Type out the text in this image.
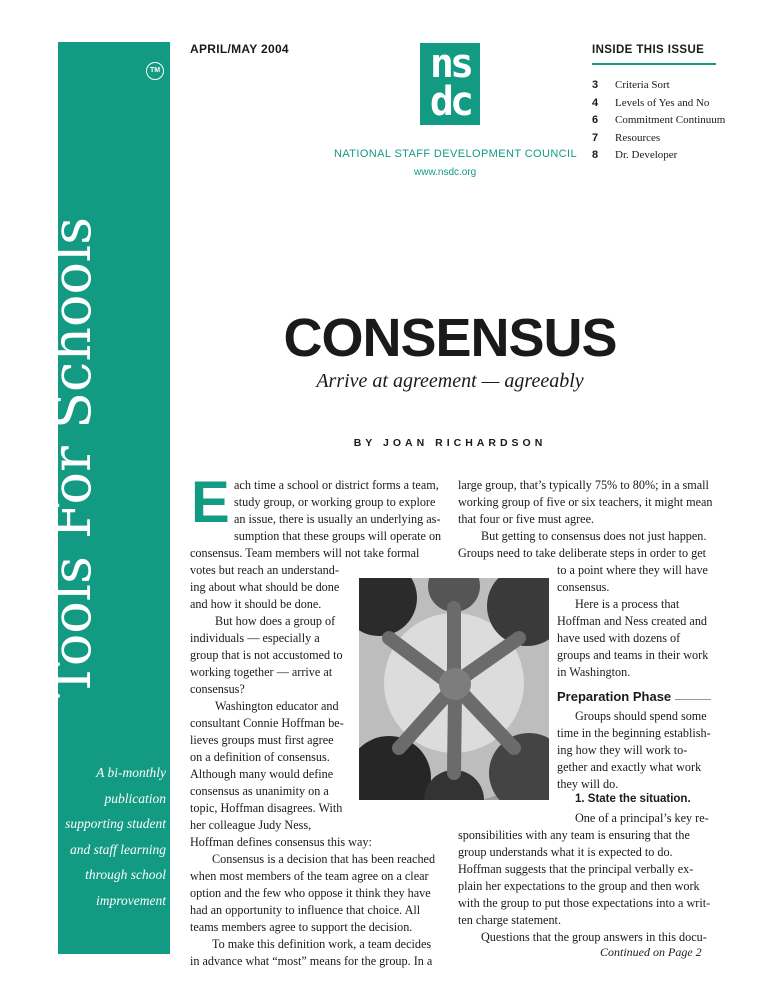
Tools For Schools
TM
A bi-monthly
publication
supporting student
and staff learning
through school
improvement
APRIL/MAY 2004	ns
dc
NATIONAL STAFF DEVELOPMENT COUNCIL
www.nsdc.org
INSIDE THIS ISSUE
3 Criteria Sort
4 Levels of Yes and No
6 Commitment Continuum
7 Resources
8 Dr. Developer
CONSENSUS
Arrive at agreement — agreeably
BY JOAN RICHARDSON
E ach time a school or district forms a team,
study group, or working group to explore
an issue, there is usually an underlying as-
sumption that these groups will operate on
consensus. Team members will not take formal
votes but reach an understand-
ing about what should be done
and how it should be done.
But how does a group of
individuals — especially a
group that is not accustomed to
working together — arrive at
consensus?
Washington educator and
consultant Connie Hoffman be-
lieves groups must first agree
on a definition of consensus.
Although many would define
consensus as unanimity on a
topic, Hoffman disagrees. With
her colleague Judy Ness,
Hoffman defines consensus this way:
Consensus is a decision that has been reached
when most members of the team agree on a clear
option and the few who oppose it think they have
had an opportunity to influence that choice. All
teams members agree to support the decision.
To make this definition work, a team decides
in advance what “most” means for the group. In a
large group, that’s typically 75% to 80%; in a small
working group of five or six teachers, it might mean
that four or five must agree.
But getting to consensus does not just happen.
Groups need to take deliberate steps in order to get
to a point where they will have
consensus.
Here is a process that
Hoffman and Ness created and
have used with dozens of
groups and teams in their work
in Washington.
Preparation Phase
Groups should spend some
time in the beginning establish-
ing how they will work to-
gether and exactly what work
they will do.
1. State the situation.
One of a principal’s key re-
sponsibilities with any team is ensuring that the
group understands what it is expected to do.
Hoffman suggests that the principal verbally ex-
plain her expectations to the group and then work
with the group to put those expectations into a writ-
ten charge statement.
Questions that the group answers in this docu-
Continued on Page 2
